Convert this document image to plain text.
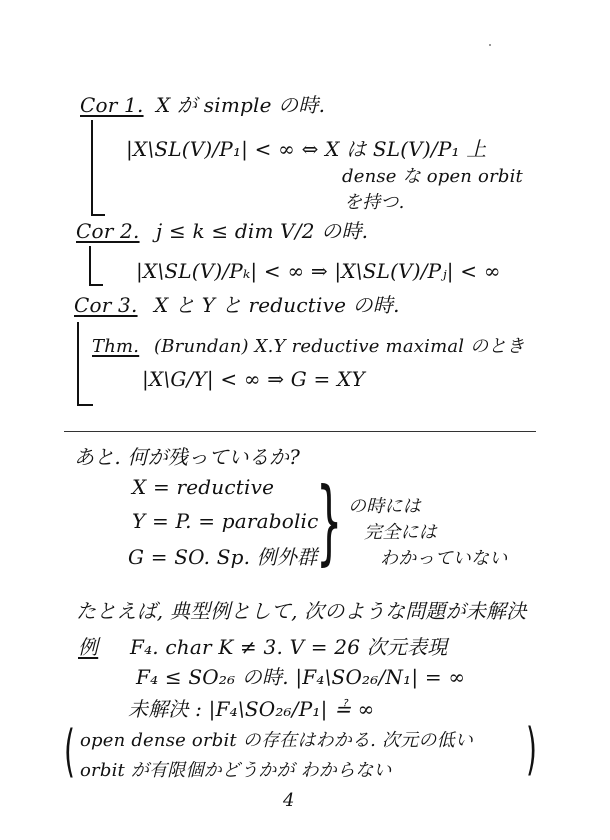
Cor 1. X が simple の時.
|X\SL(V)/P₁| < ∞ ⇔ X は SL(V)/P₁ 上
dense な open orbit
を持つ.
Cor 2. j ≤ k ≤ dim V/2 の時.
|X\SL(V)/Pₖ| < ∞ ⇒ |X\SL(V)/Pⱼ| < ∞
Cor 3. X と Y と reductive の時.
Thm. (Brundan) X.Y reductive maximal のとき
|X\G/Y| < ∞ ⇒ G = XY
あと. 何が残っているか?
X = reductive
Y = P. = parabolic
G = SO. Sp. 例外群
} の時には
完全には
わかっていない
たとえば, 典型例として, 次のような問題が未解決
例 F₄. char K ≠ 3. V = 26 次元表現
F₄ ≤ SO₂₆ の時. |F₄\SO₂₆/N₁| = ∞
未解決 : |F₄\SO₂₆/P₁| ≟ ∞
( open dense orbit の存在はわかる. 次元の低い
orbit が有限個かどうかが わからない )
4
